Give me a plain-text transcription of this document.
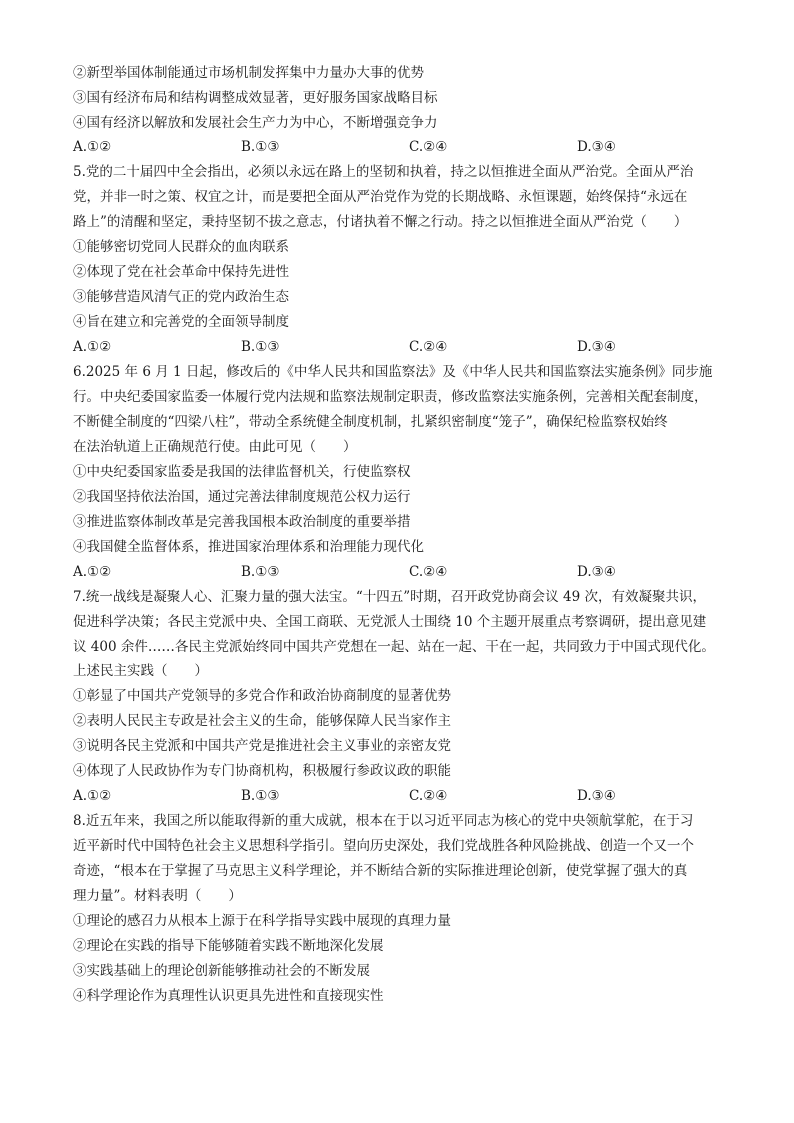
②新型举国体制能通过市场机制发挥集中力量办大事的优势
③国有经济布局和结构调整成效显著，更好服务国家战略目标
④国有经济以解放和发展社会生产力为中心，不断增强竞争力
A.①②	B.①③	C.②④	D.③④
5.党的二十届四中全会指出，必须以永远在路上的坚韧和执着，持之以恒推进全面从严治党。全面从严治
党，并非一时之策、权宜之计，而是要把全面从严治党作为党的长期战略、永恒课题，始终保持“永远在
路上”的清醒和坚定，秉持坚韧不拔之意志，付诸执着不懈之行动。持之以恒推进全面从严治党（　　）
①能够密切党同人民群众的血肉联系
②体现了党在社会革命中保持先进性
③能够营造风清气正的党内政治生态
④旨在建立和完善党的全面领导制度
A.①②	B.①③	C.②④	D.③④
6.2025 年 6 月 1 日起，修改后的《中华人民共和国监察法》及《中华人民共和国监察法实施条例》同步施
行。中央纪委国家监委一体履行党内法规和监察法规制定职责，修改监察法实施条例，完善相关配套制度，
不断健全制度的“四梁八柱”，带动全系统健全制度机制，扎紧织密制度“笼子”，确保纪检监察权始终
在法治轨道上正确规范行使。由此可见（　　）
①中央纪委国家监委是我国的法律监督机关，行使监察权
②我国坚持依法治国，通过完善法律制度规范公权力运行
③推进监察体制改革是完善我国根本政治制度的重要举措
④我国健全监督体系，推进国家治理体系和治理能力现代化
A.①②	B.①③	C.②④	D.③④
7.统一战线是凝聚人心、汇聚力量的强大法宝。“十四五”时期，召开政党协商会议 49 次，有效凝聚共识，
促进科学决策；各民主党派中央、全国工商联、无党派人士围绕 10 个主题开展重点考察调研，提出意见建
议 400 余件……各民主党派始终同中国共产党想在一起、站在一起、干在一起，共同致力于中国式现代化。
上述民主实践（　　）
①彰显了中国共产党领导的多党合作和政治协商制度的显著优势
②表明人民民主专政是社会主义的生命，能够保障人民当家作主
③说明各民主党派和中国共产党是推进社会主义事业的亲密友党
④体现了人民政协作为专门协商机构，积极履行参政议政的职能
A.①②	B.①③	C.②④	D.③④
8.近五年来，我国之所以能取得新的重大成就，根本在于以习近平同志为核心的党中央领航掌舵，在于习
近平新时代中国特色社会主义思想科学指引。望向历史深处，我们党战胜各种风险挑战、创造一个又一个
奇迹，“根本在于掌握了马克思主义科学理论，并不断结合新的实际推进理论创新，使党掌握了强大的真
理力量”。材料表明（　　）
①理论的感召力从根本上源于在科学指导实践中展现的真理力量
②理论在实践的指导下能够随着实践不断地深化发展
③实践基础上的理论创新能够推动社会的不断发展
④科学理论作为真理性认识更具先进性和直接现实性
